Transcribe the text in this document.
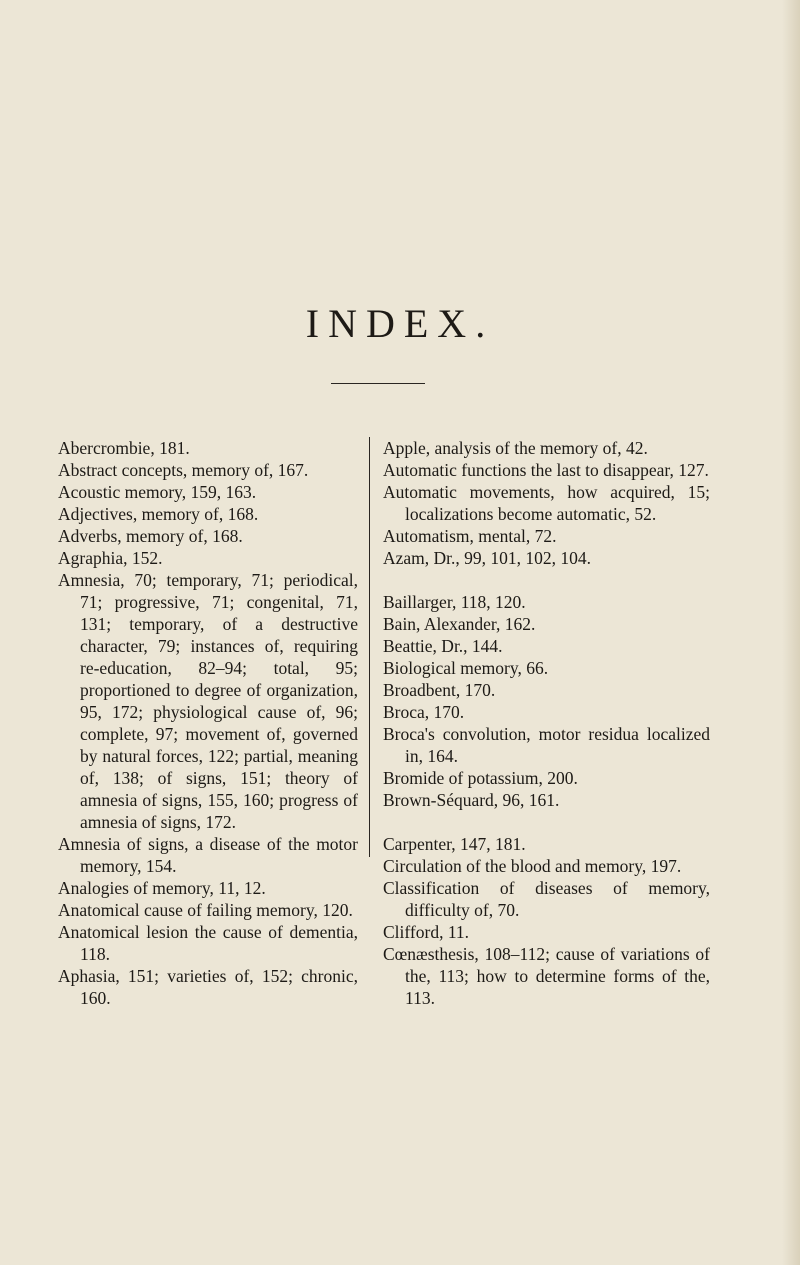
INDEX.
Abercrombie, 181.
Abstract concepts, memory of, 167.
Acoustic memory, 159, 163.
Adjectives, memory of, 168.
Adverbs, memory of, 168.
Agraphia, 152.
Amnesia, 70; temporary, 71; periodical, 71; progressive, 71; congenital, 71, 131; temporary, of a destructive character, 79; instances of, requiring re-education, 82–94; total, 95; proportioned to degree of organization, 95, 172; physiological cause of, 96; complete, 97; movement of, governed by natural forces, 122; partial, meaning of, 138; of signs, 151; theory of amnesia of signs, 155, 160; progress of amnesia of signs, 172.
Amnesia of signs, a disease of the motor memory, 154.
Analogies of memory, 11, 12.
Anatomical cause of failing memory, 120.
Anatomical lesion the cause of dementia, 118.
Aphasia, 151; varieties of, 152; chronic, 160.
Apple, analysis of the memory of, 42.
Automatic functions the last to disappear, 127.
Automatic movements, how acquired, 15; localizations become automatic, 52.
Automatism, mental, 72.
Azam, Dr., 99, 101, 102, 104.
Baillarger, 118, 120.
Bain, Alexander, 162.
Beattie, Dr., 144.
Biological memory, 66.
Broadbent, 170.
Broca, 170.
Broca's convolution, motor residua localized in, 164.
Bromide of potassium, 200.
Brown-Séquard, 96, 161.
Carpenter, 147, 181.
Circulation of the blood and memory, 197.
Classification of diseases of memory, difficulty of, 70.
Clifford, 11.
Cœnæsthesis, 108–112; cause of variations of the, 113; how to determine forms of the, 113.
